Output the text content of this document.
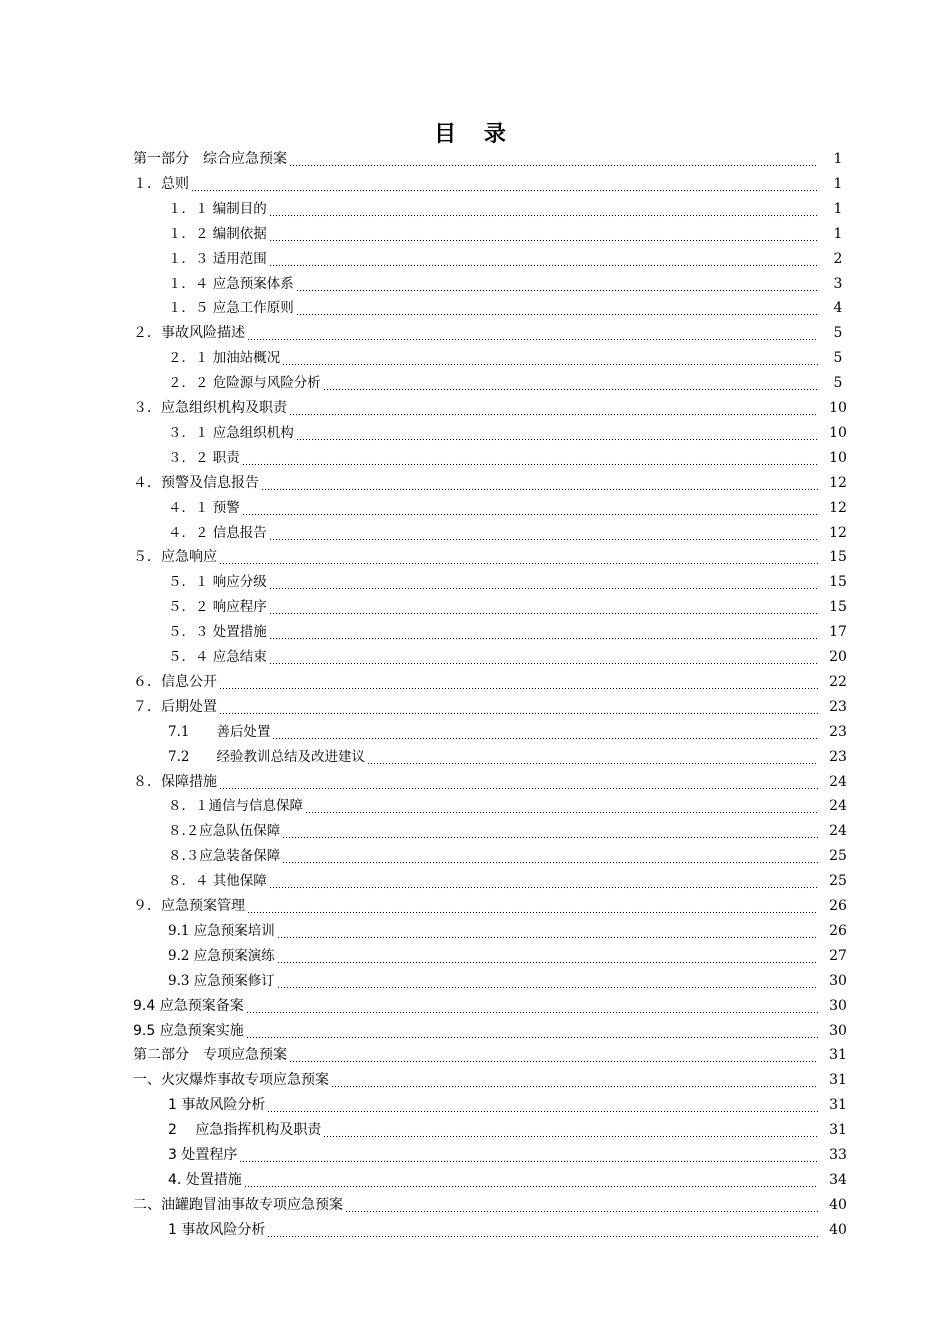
目 录
第一部分　综合应急预案	1
１．总则	1
１．１ 编制目的	1
１．２ 编制依据	1
１．３ 适用范围	2
１．４ 应急预案体系	3
１．５ 应急工作原则	4
２．事故风险描述	5
２．１ 加油站概况	5
２．２ 危险源与风险分析	5
３．应急组织机构及职责	10
３．１ 应急组织机构	10
３．２ 职责	10
４．预警及信息报告	12
４．１ 预警	12
４．２ 信息报告	12
５．应急响应	15
５．１ 响应分级	15
５．２ 响应程序	15
５．３ 处置措施	17
５．４ 应急结束	20
６．信息公开	22
７．后期处置	23
7.1　　善后处置	23
7.2　　经验教训总结及改进建议	23
８．保障措施	24
８．１通信与信息保障	24
８.２应急队伍保障	24
８.３应急装备保障	25
８．４ 其他保障	25
９．应急预案管理	26
9.1 应急预案培训	26
9.2 应急预案演练	27
9.3 应急预案修订	30
9.4 应急预案备案	30
9.5 应急预案实施	30
第二部分　专项应急预案	31
一、火灾爆炸事故专项应急预案	31
1 事故风险分析	31
2　 应急指挥机构及职责	31
3 处置程序	33
4. 处置措施	34
二、油罐跑冒油事故专项应急预案	40
1 事故风险分析	40
